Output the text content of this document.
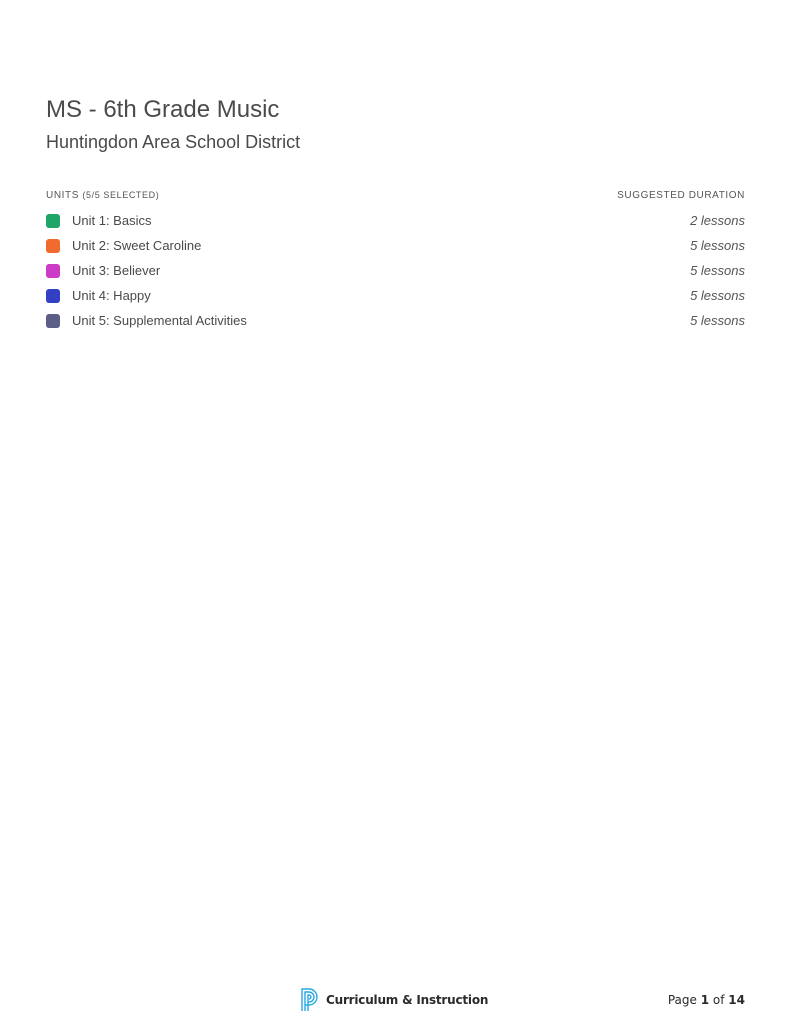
MS - 6th Grade Music
Huntingdon Area School District
UNITS (5/5 SELECTED)	SUGGESTED DURATION
Unit 1: Basics	2 lessons
Unit 2: Sweet Caroline	5 lessons
Unit 3: Believer	5 lessons
Unit 4: Happy	5 lessons
Unit 5: Supplemental Activities	5 lessons
Curriculum & Instruction	Page 1 of 14
